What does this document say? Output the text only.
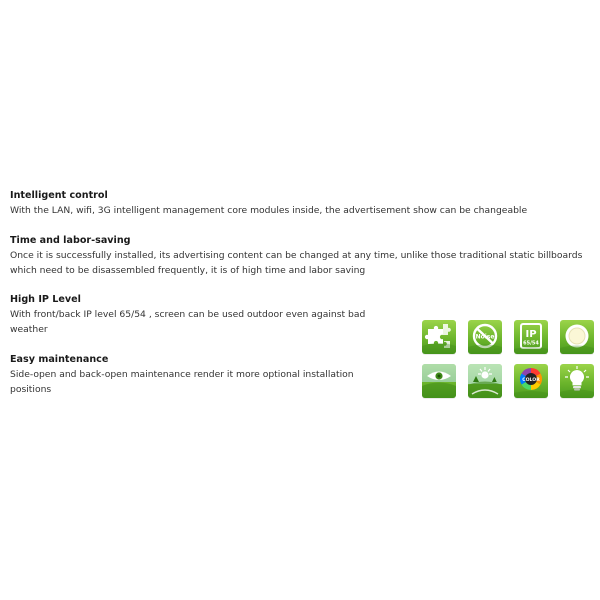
Intelligent control

With the LAN, wifi, 3G intelligent management core modules inside, the advertisement show can be changeable

Time and labor-saving

Once it is successfully installed, its advertising content can be changed at any time, unlike those traditional static billboards which need to be disassembled frequently, it is of high time and labor saving

High IP Level

With front/back IP level 65/54 , screen can be used outdoor even against bad weather

Easy maintenance

Side-open and back-open maintenance render it more optional installation positions

Noise	IP
65/54
COLOR
